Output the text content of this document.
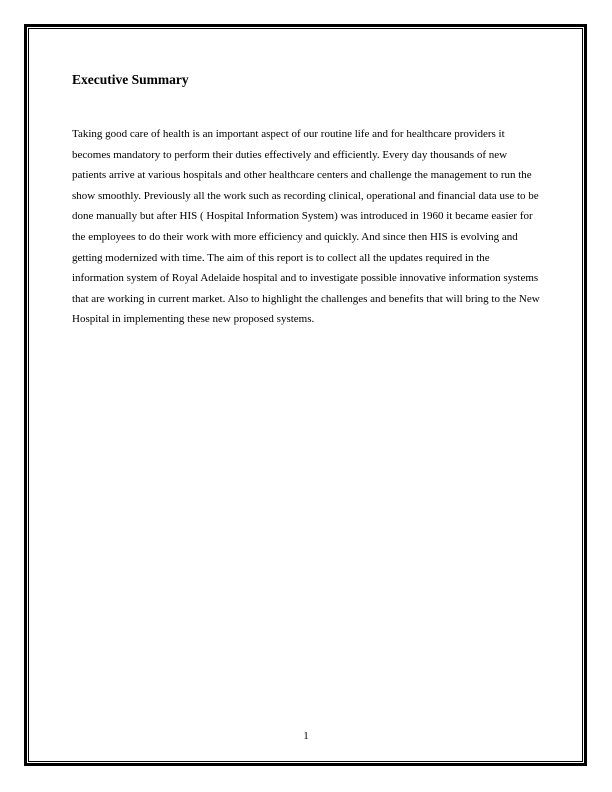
Executive Summary

Taking good care of health is an important aspect of our routine life and for healthcare providers it becomes mandatory to perform their duties effectively and efficiently. Every day thousands of new patients arrive at various hospitals and other healthcare centers and challenge the management to run the show smoothly. Previously all the work such as recording clinical, operational and financial data use to be done manually but after HIS ( Hospital Information System) was introduced in 1960 it became easier for the employees to do their work with more efficiency and quickly. And since then HIS is evolving and getting modernized with time. The aim of this report is to collect all the updates required in the information system of Royal Adelaide hospital and to investigate possible innovative information systems that are working in current market. Also to highlight the challenges and benefits that will bring to the New Hospital in implementing these new proposed systems.

1
